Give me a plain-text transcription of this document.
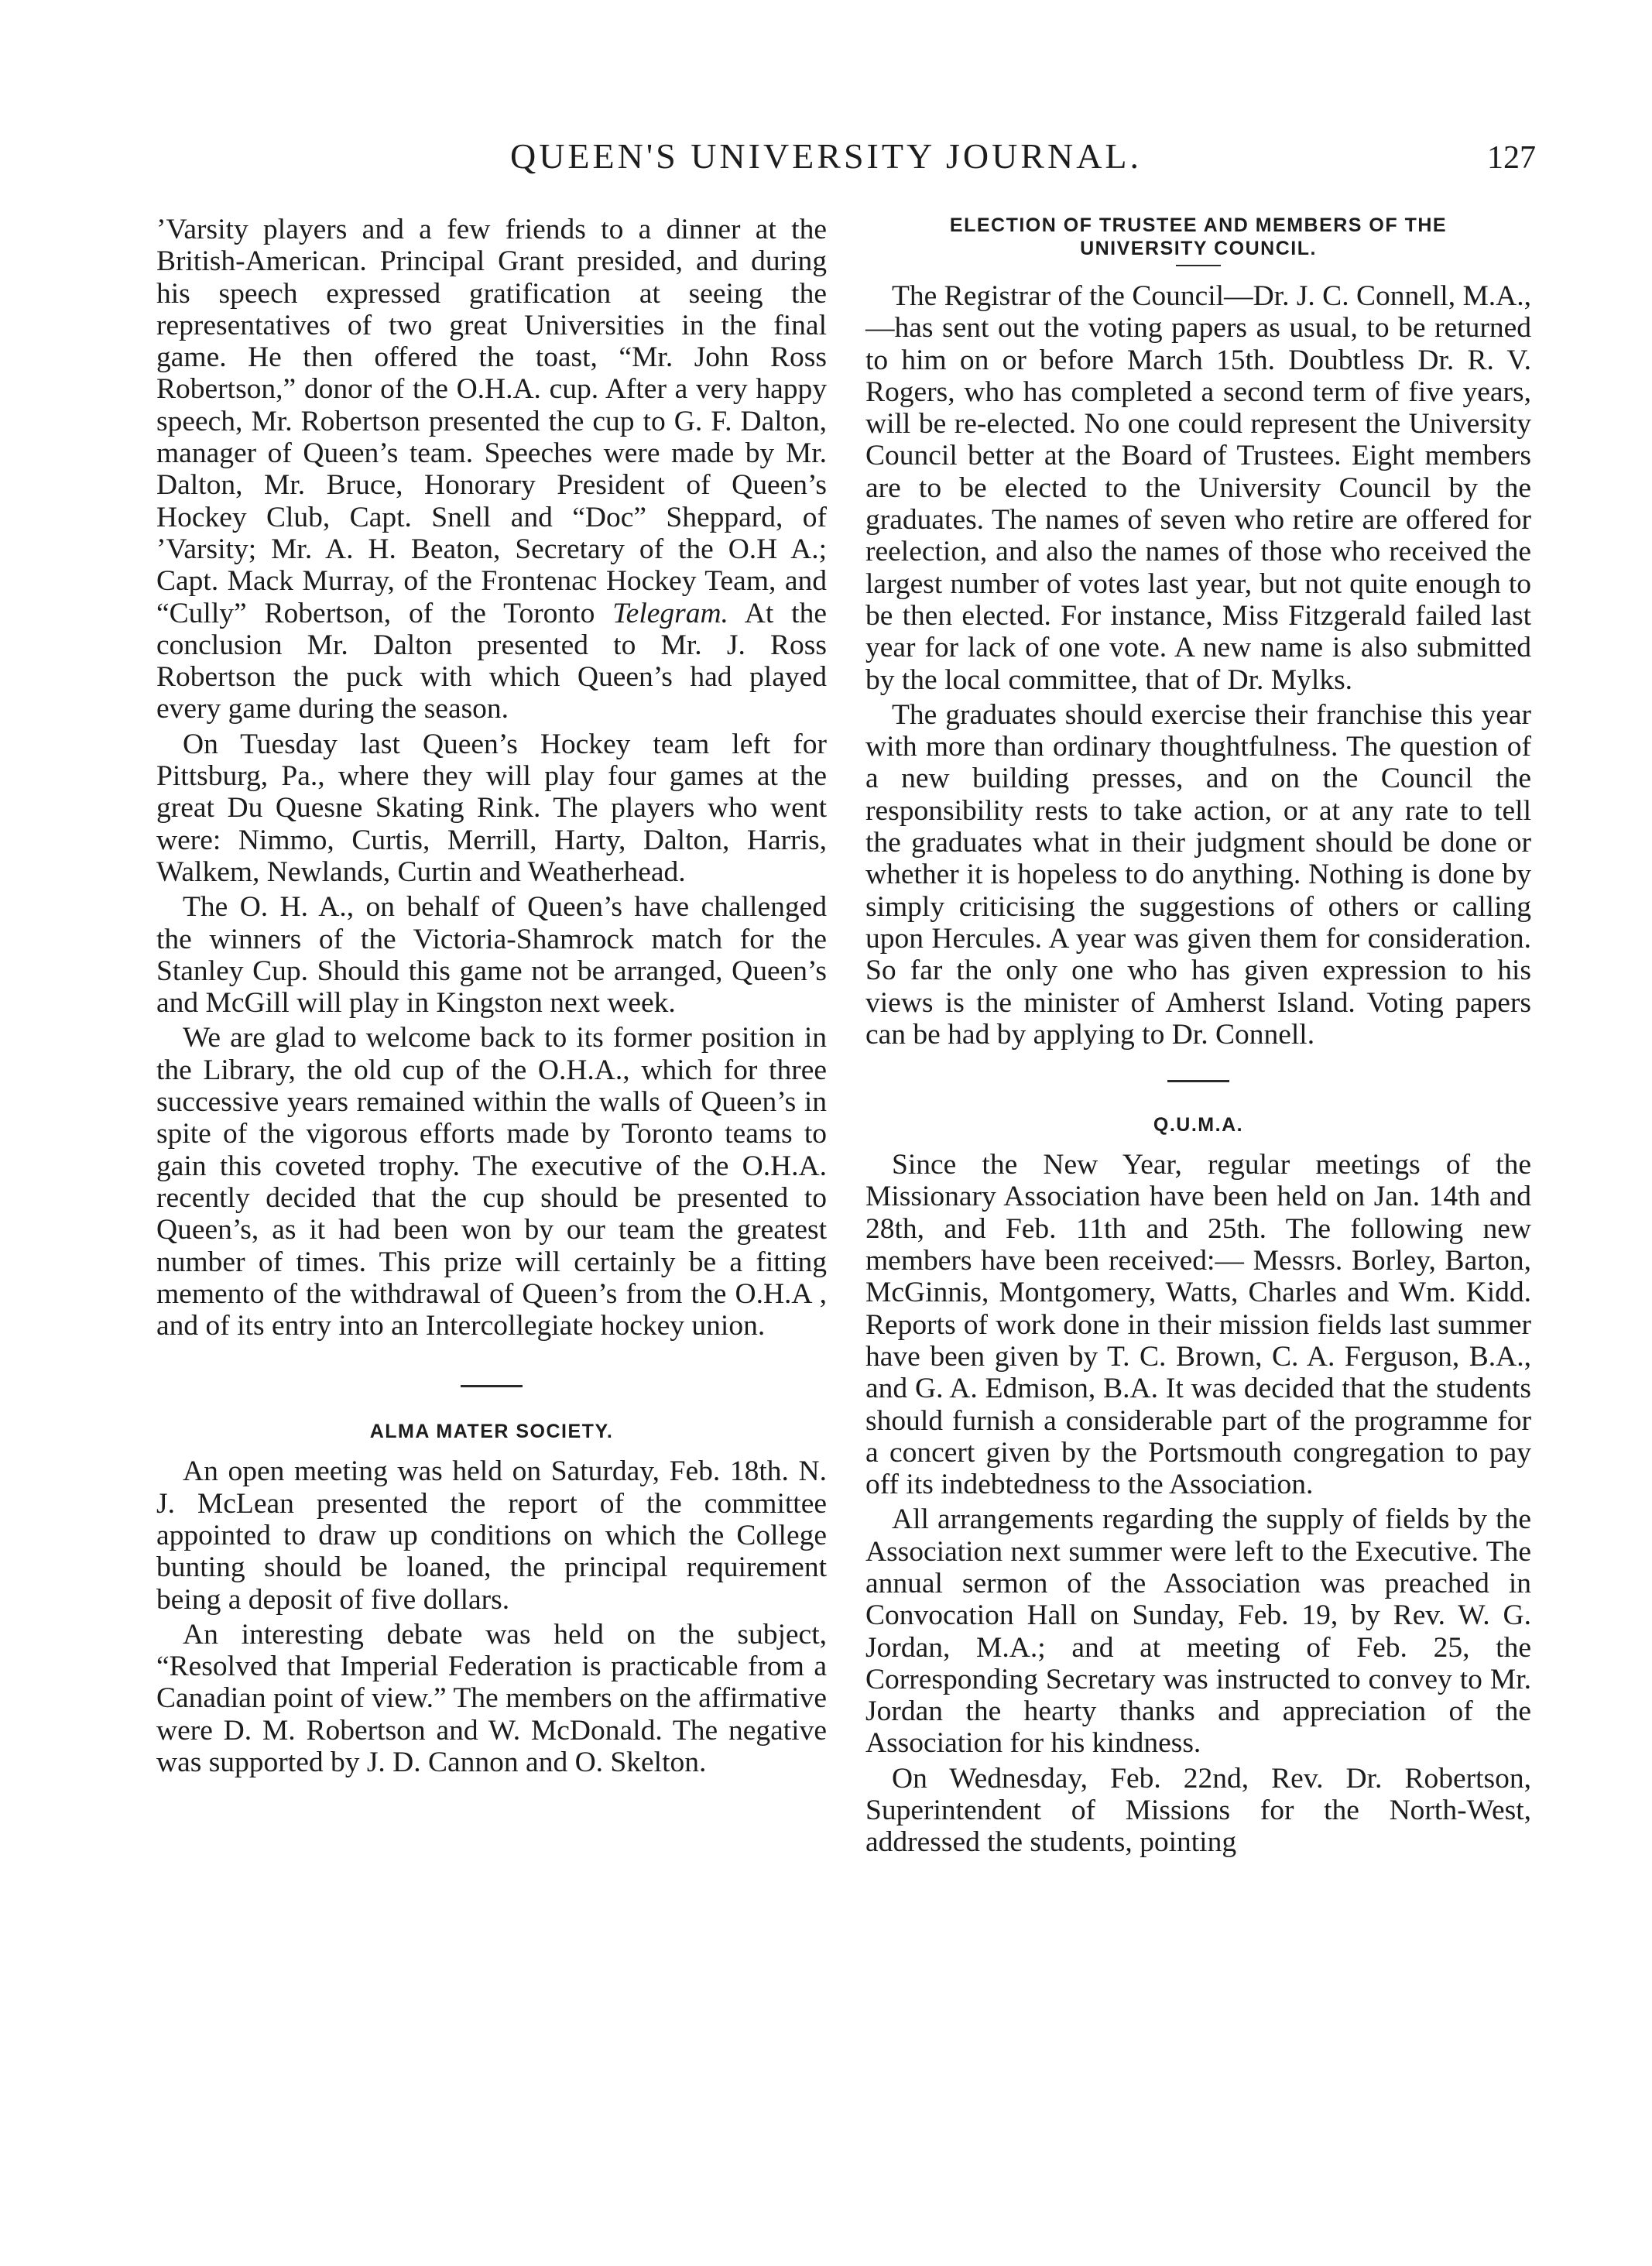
QUEEN'S UNIVERSITY JOURNAL.	127

’Varsity players and a few friends to a dinner at the British-American. Principal Grant presided, and during his speech expressed gratification at seeing the representatives of two great Universities in the final game. He then offered the toast, “Mr. John Ross Robertson,” donor of the O.H.A. cup. After a very happy speech, Mr. Robertson presented the cup to G. F. Dalton, manager of Queen’s team. Speeches were made by Mr. Dalton, Mr. Bruce, Honorary President of Queen’s Hockey Club, Capt. Snell and “Doc” Sheppard, of ’Varsity; Mr. A. H. Beaton, Secretary of the O.H A.; Capt. Mack Murray, of the Frontenac Hockey Team, and “Cully” Robertson, of the Toronto Telegram. At the conclusion Mr. Dalton presented to Mr. J. Ross Robertson the puck with which Queen’s had played every game during the season.

On Tuesday last Queen’s Hockey team left for Pittsburg, Pa., where they will play four games at the great Du Quesne Skating Rink. The players who went were: Nimmo, Curtis, Merrill, Harty, Dalton, Harris, Walkem, Newlands, Curtin and Weatherhead.

The O. H. A., on behalf of Queen’s have challenged the winners of the Victoria-Shamrock match for the Stanley Cup. Should this game not be arranged, Queen’s and McGill will play in Kingston next week.

We are glad to welcome back to its former position in the Library, the old cup of the O.H.A., which for three successive years remained within the walls of Queen’s in spite of the vigorous efforts made by Toronto teams to gain this coveted trophy. The executive of the O.H.A. recently decided that the cup should be presented to Queen’s, as it had been won by our team the greatest number of times. This prize will certainly be a fitting memento of the withdrawal of Queen’s from the O.H.A , and of its entry into an Intercollegiate hockey union.

ALMA MATER SOCIETY.

An open meeting was held on Saturday, Feb. 18th. N. J. McLean presented the report of the committee appointed to draw up conditions on which the College bunting should be loaned, the principal requirement being a deposit of five dollars.

An interesting debate was held on the subject, “Resolved that Imperial Federation is practicable from a Canadian point of view.” The members on the affirmative were D. M. Robertson and W. McDonald. The negative was supported by J. D. Cannon and O. Skelton.

ELECTION OF TRUSTEE AND MEMBERS OF THE
UNIVERSITY COUNCIL.

The Registrar of the Council—Dr. J. C. Connell, M.A.,—has sent out the voting papers as usual, to be returned to him on or before March 15th. Doubtless Dr. R. V. Rogers, who has completed a second term of five years, will be re-elected. No one could represent the University Council better at the Board of Trustees. Eight members are to be elected to the University Council by the graduates. The names of seven who retire are offered for reelection, and also the names of those who received the largest number of votes last year, but not quite enough to be then elected. For instance, Miss Fitzgerald failed last year for lack of one vote. A new name is also submitted by the local committee, that of Dr. Mylks.

The graduates should exercise their franchise this year with more than ordinary thoughtfulness. The question of a new building presses, and on the Council the responsibility rests to take action, or at any rate to tell the graduates what in their judgment should be done or whether it is hopeless to do anything. Nothing is done by simply criticising the suggestions of others or calling upon Hercules. A year was given them for consideration. So far the only one who has given expression to his views is the minister of Amherst Island. Voting papers can be had by applying to Dr. Connell.

Q.U.M.A.

Since the New Year, regular meetings of the Missionary Association have been held on Jan. 14th and 28th, and Feb. 11th and 25th. The following new members have been received:— Messrs. Borley, Barton, McGinnis, Montgomery, Watts, Charles and Wm. Kidd. Reports of work done in their mission fields last summer have been given by T. C. Brown, C. A. Ferguson, B.A., and G. A. Edmison, B.A. It was decided that the students should furnish a considerable part of the programme for a concert given by the Portsmouth congregation to pay off its indebtedness to the Association.

All arrangements regarding the supply of fields by the Association next summer were left to the Executive. The annual sermon of the Association was preached in Convocation Hall on Sunday, Feb. 19, by Rev. W. G. Jordan, M.A.; and at meeting of Feb. 25, the Corresponding Secretary was instructed to convey to Mr. Jordan the hearty thanks and appreciation of the Association for his kindness.

On Wednesday, Feb. 22nd, Rev. Dr. Robertson, Superintendent of Missions for the North-West, addressed the students, pointing
